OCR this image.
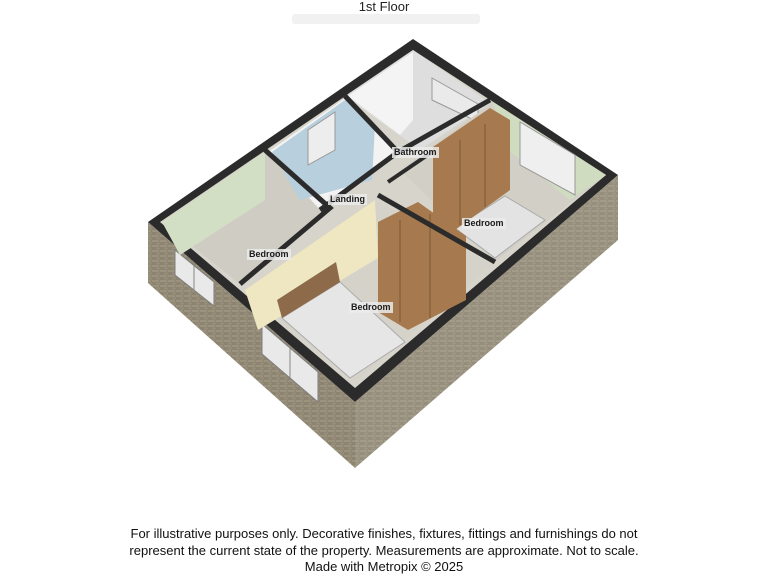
1st Floor
Bathroom
Landing
Bedroom
Bedroom
Bedroom
For illustrative purposes only. Decorative finishes, fixtures, fittings and furnishings do not
represent the current state of the property. Measurements are approximate. Not to scale.
Made with Metropix © 2025
